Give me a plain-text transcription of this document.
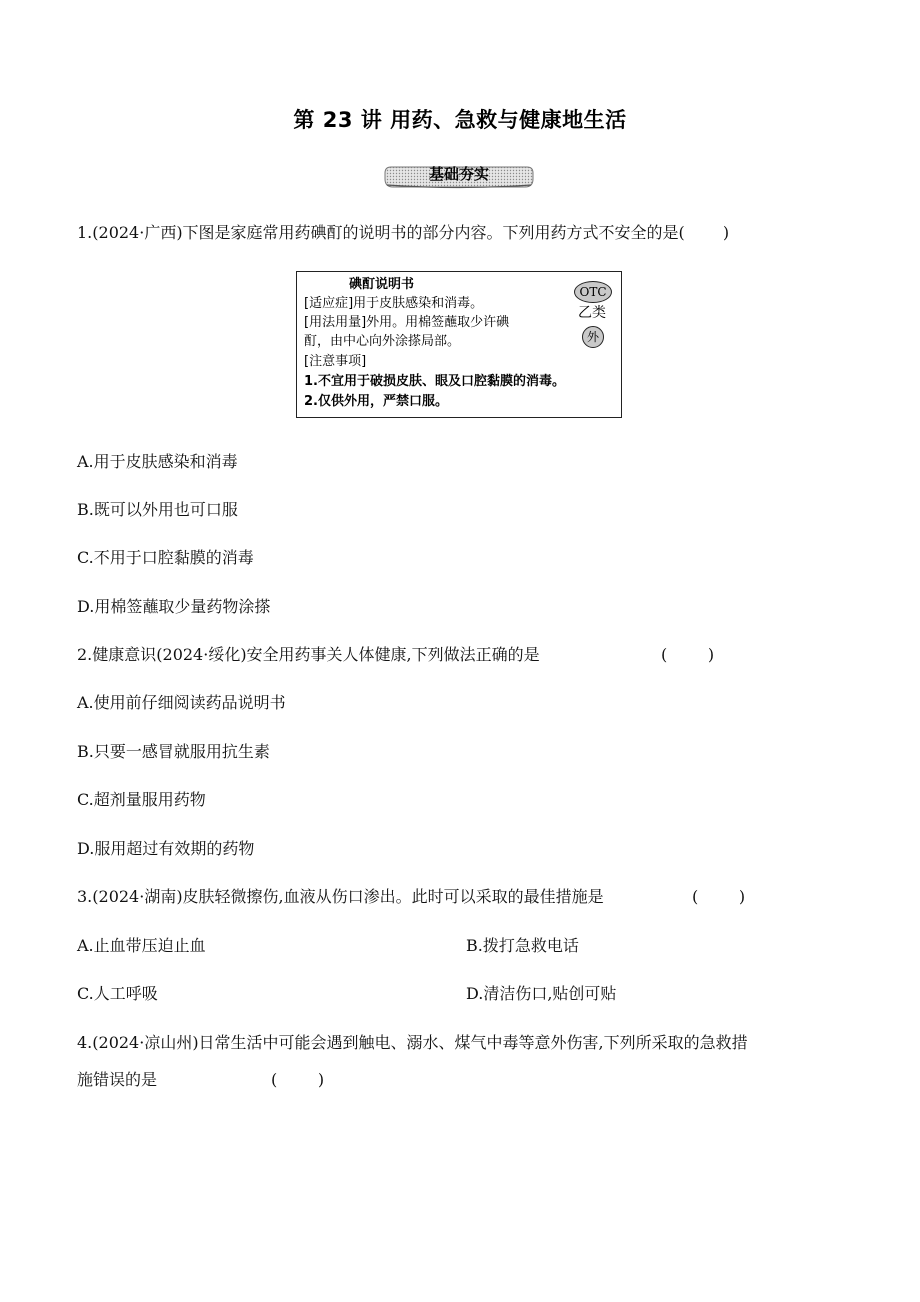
第 23 讲 用药、急救与健康地生活
基础夯实
1.(2024·广西)下图是家庭常用药碘酊的说明书的部分内容。下列用药方式不安全的是( )
碘酊说明书
[适应症]用于皮肤感染和消毒。
[用法用量]外用。用棉签蘸取少许碘
酊，由中心向外涂搽局部。
[注意事项]
1.不宜用于破损皮肤、眼及口腔黏膜的消毒。
2.仅供外用，严禁口服。
OTC
乙类
外
A.用于皮肤感染和消毒
B.既可以外用也可口服
C.不用于口腔黏膜的消毒
D.用棉签蘸取少量药物涂搽
2.健康意识(2024·绥化)安全用药事关人体健康,下列做法正确的是	(        )
A.使用前仔细阅读药品说明书
B.只要一感冒就服用抗生素
C.超剂量服用药物
D.服用超过有效期的药物
3.(2024·湖南)皮肤轻微擦伤,血液从伤口渗出。此时可以采取的最佳措施是	(        )
A.止血带压迫止血	B.拨打急救电话
C.人工呼吸	D.清洁伤口,贴创可贴
4.(2024·凉山州)日常生活中可能会遇到触电、溺水、煤气中毒等意外伤害,下列所采取的急救措
施错误的是	(        )
